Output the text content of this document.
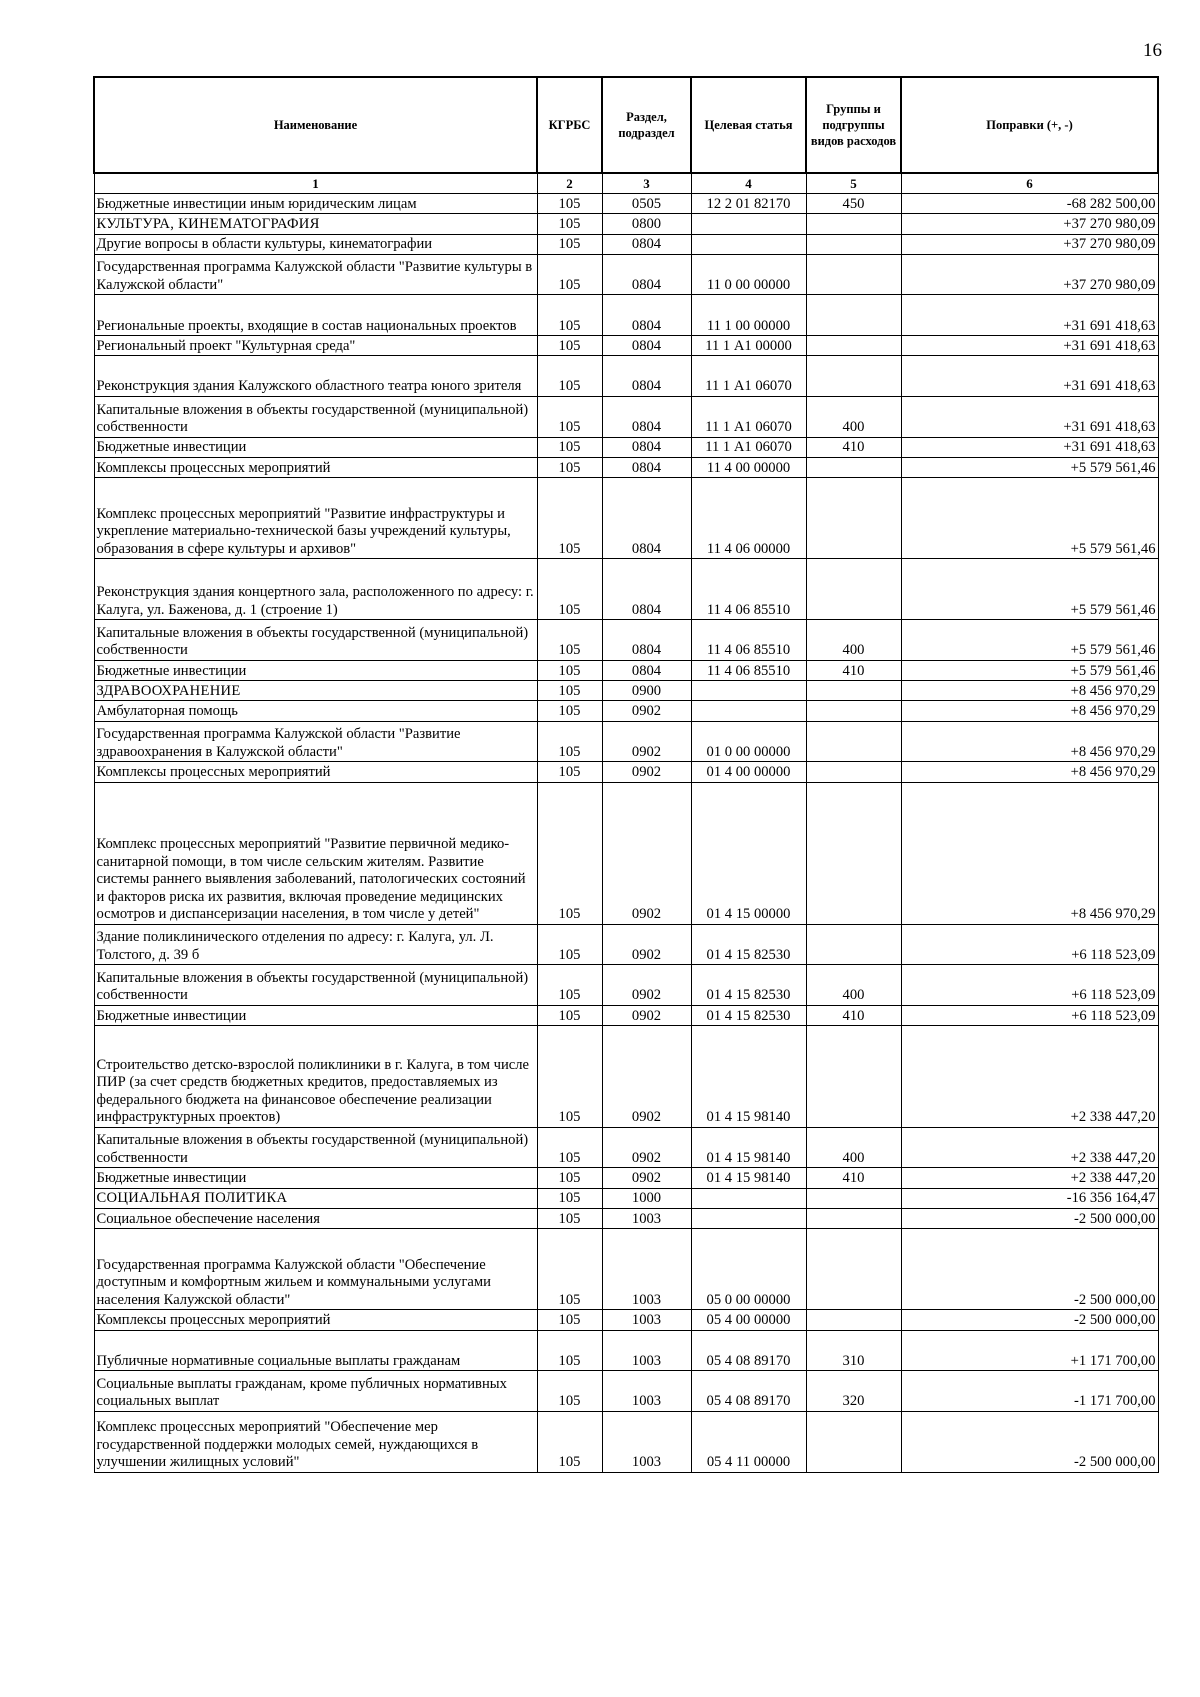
16
Наименование	КГРБС	Раздел, подраздел	Целевая статья	Группы и подгруппы видов расходов	Поправки (+, -)
1	2	3	4	5	6
Бюджетные инвестиции иным юридическим лицам	105	0505	12 2 01 82170	450	-68 282 500,00
КУЛЬТУРА, КИНЕМАТОГРАФИЯ	105	0800			+37 270 980,09
Другие вопросы в области культуры, кинематографии	105	0804			+37 270 980,09
Государственная программа Калужской области "Развитие культуры в Калужской области"	105	0804	11 0 00 00000		+37 270 980,09
Региональные проекты, входящие в состав национальных проектов	105	0804	11 1 00 00000		+31 691 418,63
Региональный проект "Культурная среда"	105	0804	11 1 А1 00000		+31 691 418,63
Реконструкция здания Калужского областного театра юного зрителя	105	0804	11 1 А1 06070		+31 691 418,63
Капитальные вложения в объекты государственной (муниципальной) собственности	105	0804	11 1 А1 06070	400	+31 691 418,63
Бюджетные инвестиции	105	0804	11 1 А1 06070	410	+31 691 418,63
Комплексы процессных мероприятий	105	0804	11 4 00 00000		+5 579 561,46
Комплекс процессных мероприятий "Развитие инфраструктуры и укрепление материально-технической базы учреждений культуры, образования в сфере культуры и архивов"	105	0804	11 4 06 00000		+5 579 561,46
Реконструкция здания концертного зала, расположенного по адресу: г. Калуга, ул. Баженова, д. 1 (строение 1)	105	0804	11 4 06 85510		+5 579 561,46
Капитальные вложения в объекты государственной (муниципальной) собственности	105	0804	11 4 06 85510	400	+5 579 561,46
Бюджетные инвестиции	105	0804	11 4 06 85510	410	+5 579 561,46
ЗДРАВООХРАНЕНИЕ	105	0900			+8 456 970,29
Амбулаторная помощь	105	0902			+8 456 970,29
Государственная программа Калужской области "Развитие здравоохранения в Калужской области"	105	0902	01 0 00 00000		+8 456 970,29
Комплексы процессных мероприятий	105	0902	01 4 00 00000		+8 456 970,29
Комплекс процессных мероприятий "Развитие первичной медико-санитарной помощи, в том числе сельским жителям. Развитие системы раннего выявления заболеваний, патологических состояний и факторов риска их развития, включая проведение медицинских осмотров и диспансеризации населения, в том числе у детей"	105	0902	01 4 15 00000		+8 456 970,29
Здание поликлинического отделения по адресу: г. Калуга, ул. Л. Толстого, д. 39 б	105	0902	01 4 15 82530		+6 118 523,09
Капитальные вложения в объекты государственной (муниципальной) собственности	105	0902	01 4 15 82530	400	+6 118 523,09
Бюджетные инвестиции	105	0902	01 4 15 82530	410	+6 118 523,09
Строительство детско-взрослой поликлиники в г. Калуга, в том числе ПИР (за счет средств бюджетных кредитов, предоставляемых из федерального бюджета на финансовое обеспечение реализации инфраструктурных проектов)	105	0902	01 4 15 98140		+2 338 447,20
Капитальные вложения в объекты государственной (муниципальной) собственности	105	0902	01 4 15 98140	400	+2 338 447,20
Бюджетные инвестиции	105	0902	01 4 15 98140	410	+2 338 447,20
СОЦИАЛЬНАЯ ПОЛИТИКА	105	1000			-16 356 164,47
Социальное обеспечение населения	105	1003			-2 500 000,00
Государственная программа Калужской области "Обеспечение доступным и комфортным жильем и коммунальными услугами населения Калужской области"	105	1003	05 0 00 00000		-2 500 000,00
Комплексы процессных мероприятий	105	1003	05 4 00 00000		-2 500 000,00
Публичные нормативные социальные выплаты гражданам	105	1003	05 4 08 89170	310	+1 171 700,00
Социальные выплаты гражданам, кроме публичных нормативных социальных выплат	105	1003	05 4 08 89170	320	-1 171 700,00
Комплекс процессных мероприятий "Обеспечение мер государственной поддержки молодых семей, нуждающихся в улучшении жилищных условий"	105	1003	05 4 11 00000		-2 500 000,00
